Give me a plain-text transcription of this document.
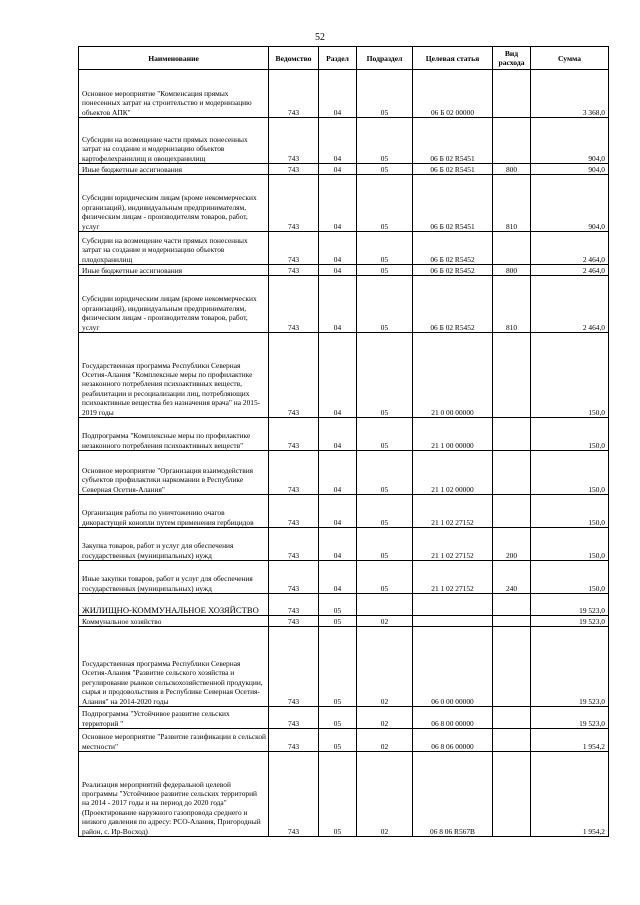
52
Наименование	Ведомство	Раздел	Подраздел	Целевая статья	Вид расхода	Сумма
Основное мероприятие "Компенсация прямых понесенных затрат на строительство и модернизацию объектов АПК"	743	04	05	06 Б 02 00000		3 368,0
Субсидии на возмещение части прямых понесенных затрат на создание и модернизацию объектов картофелехранилищ и овощехранилищ	743	04	05	06 Б 02 R5451		904,0
Иные бюджетные ассигнования	743	04	05	06 Б 02 R5451	800	904,0
Субсидии юридическим лицам (кроме некоммерческих организаций), индивидуальным предпринимателям, физическим лицам - производителям товаров, работ, услуг	743	04	05	06 Б 02 R5451	810	904,0
Субсидии на возмещение части прямых понесенных затрат на создание и модернизацию объектов плодохранилищ	743	04	05	06 Б 02 R5452		2 464,0
Иные бюджетные ассигнования	743	04	05	06 Б 02 R5452	800	2 464,0
Субсидии юридическим лицам (кроме некоммерческих организаций), индивидуальным предпринимателям, физическим лицам - производителям товаров, работ, услуг	743	04	05	06 Б 02 R5452	810	2 464,0
Государственная программа Республики Северная Осетия-Алания "Комплексные меры по профилактике незаконного потребления психоактивных веществ, реабилитации и ресоциализации лиц, потребляющих психоактивные вещества без назначения врача" на 2015-2019 годы	743	04	05	21 0 00 00000		150,0
Подпрограмма "Комплексные меры по профилактике незаконного потребления психоактивных веществ"	743	04	05	21 1 00 00000		150,0
Основное мероприятие "Организация взаимодействия субъектов профилактики наркомании в Республике Северная Осетия-Алания"	743	04	05	21 1 02 00000		150,0
Организация работы по уничтожению очагов дикорастущей конопли путем применения гербицидов	743	04	05	21 1 02 27152		150,0
Закупка товаров, работ и услуг для обеспечения государственных (муниципальных) нужд	743	04	05	21 1 02 27152	200	150,0
Иные закупки товаров, работ и услуг для обеспечения государственных (муниципальных) нужд	743	04	05	21 1 02 27152	240	150,0
ЖИЛИЩНО-КОММУНАЛЬНОЕ ХОЗЯЙСТВО	743	05				19 523,0
Коммунальное хозяйство	743	05	02			19 523,0
Государственная программа Республики Северная Осетия-Алания "Развитие сельского хозяйства и регулирование рынков сельскохозяйственной продукции, сырья и продовольствия в Республике Северная Осетия-Алания" на 2014-2020 годы	743	05	02	06 0 00 00000		19 523,0
Подпрограмма "Устойчивое развитие сельских территорий "	743	05	02	06 8 00 00000		19 523,0
Основное мероприятие "Развитие газификации в сельской местности"	743	05	02	06 8 06 00000		1 954,2
Реализация мероприятий федеральной целевой программы "Устойчивое развитие сельских территорий на 2014 - 2017 годы и на период до 2020 года" (Проектирование наружного газопровода среднего и низкого давления по адресу: РСО-Алания, Пригородный район, с. Ир-Восход)	743	05	02	06 8 06 R567B		1 954,2
